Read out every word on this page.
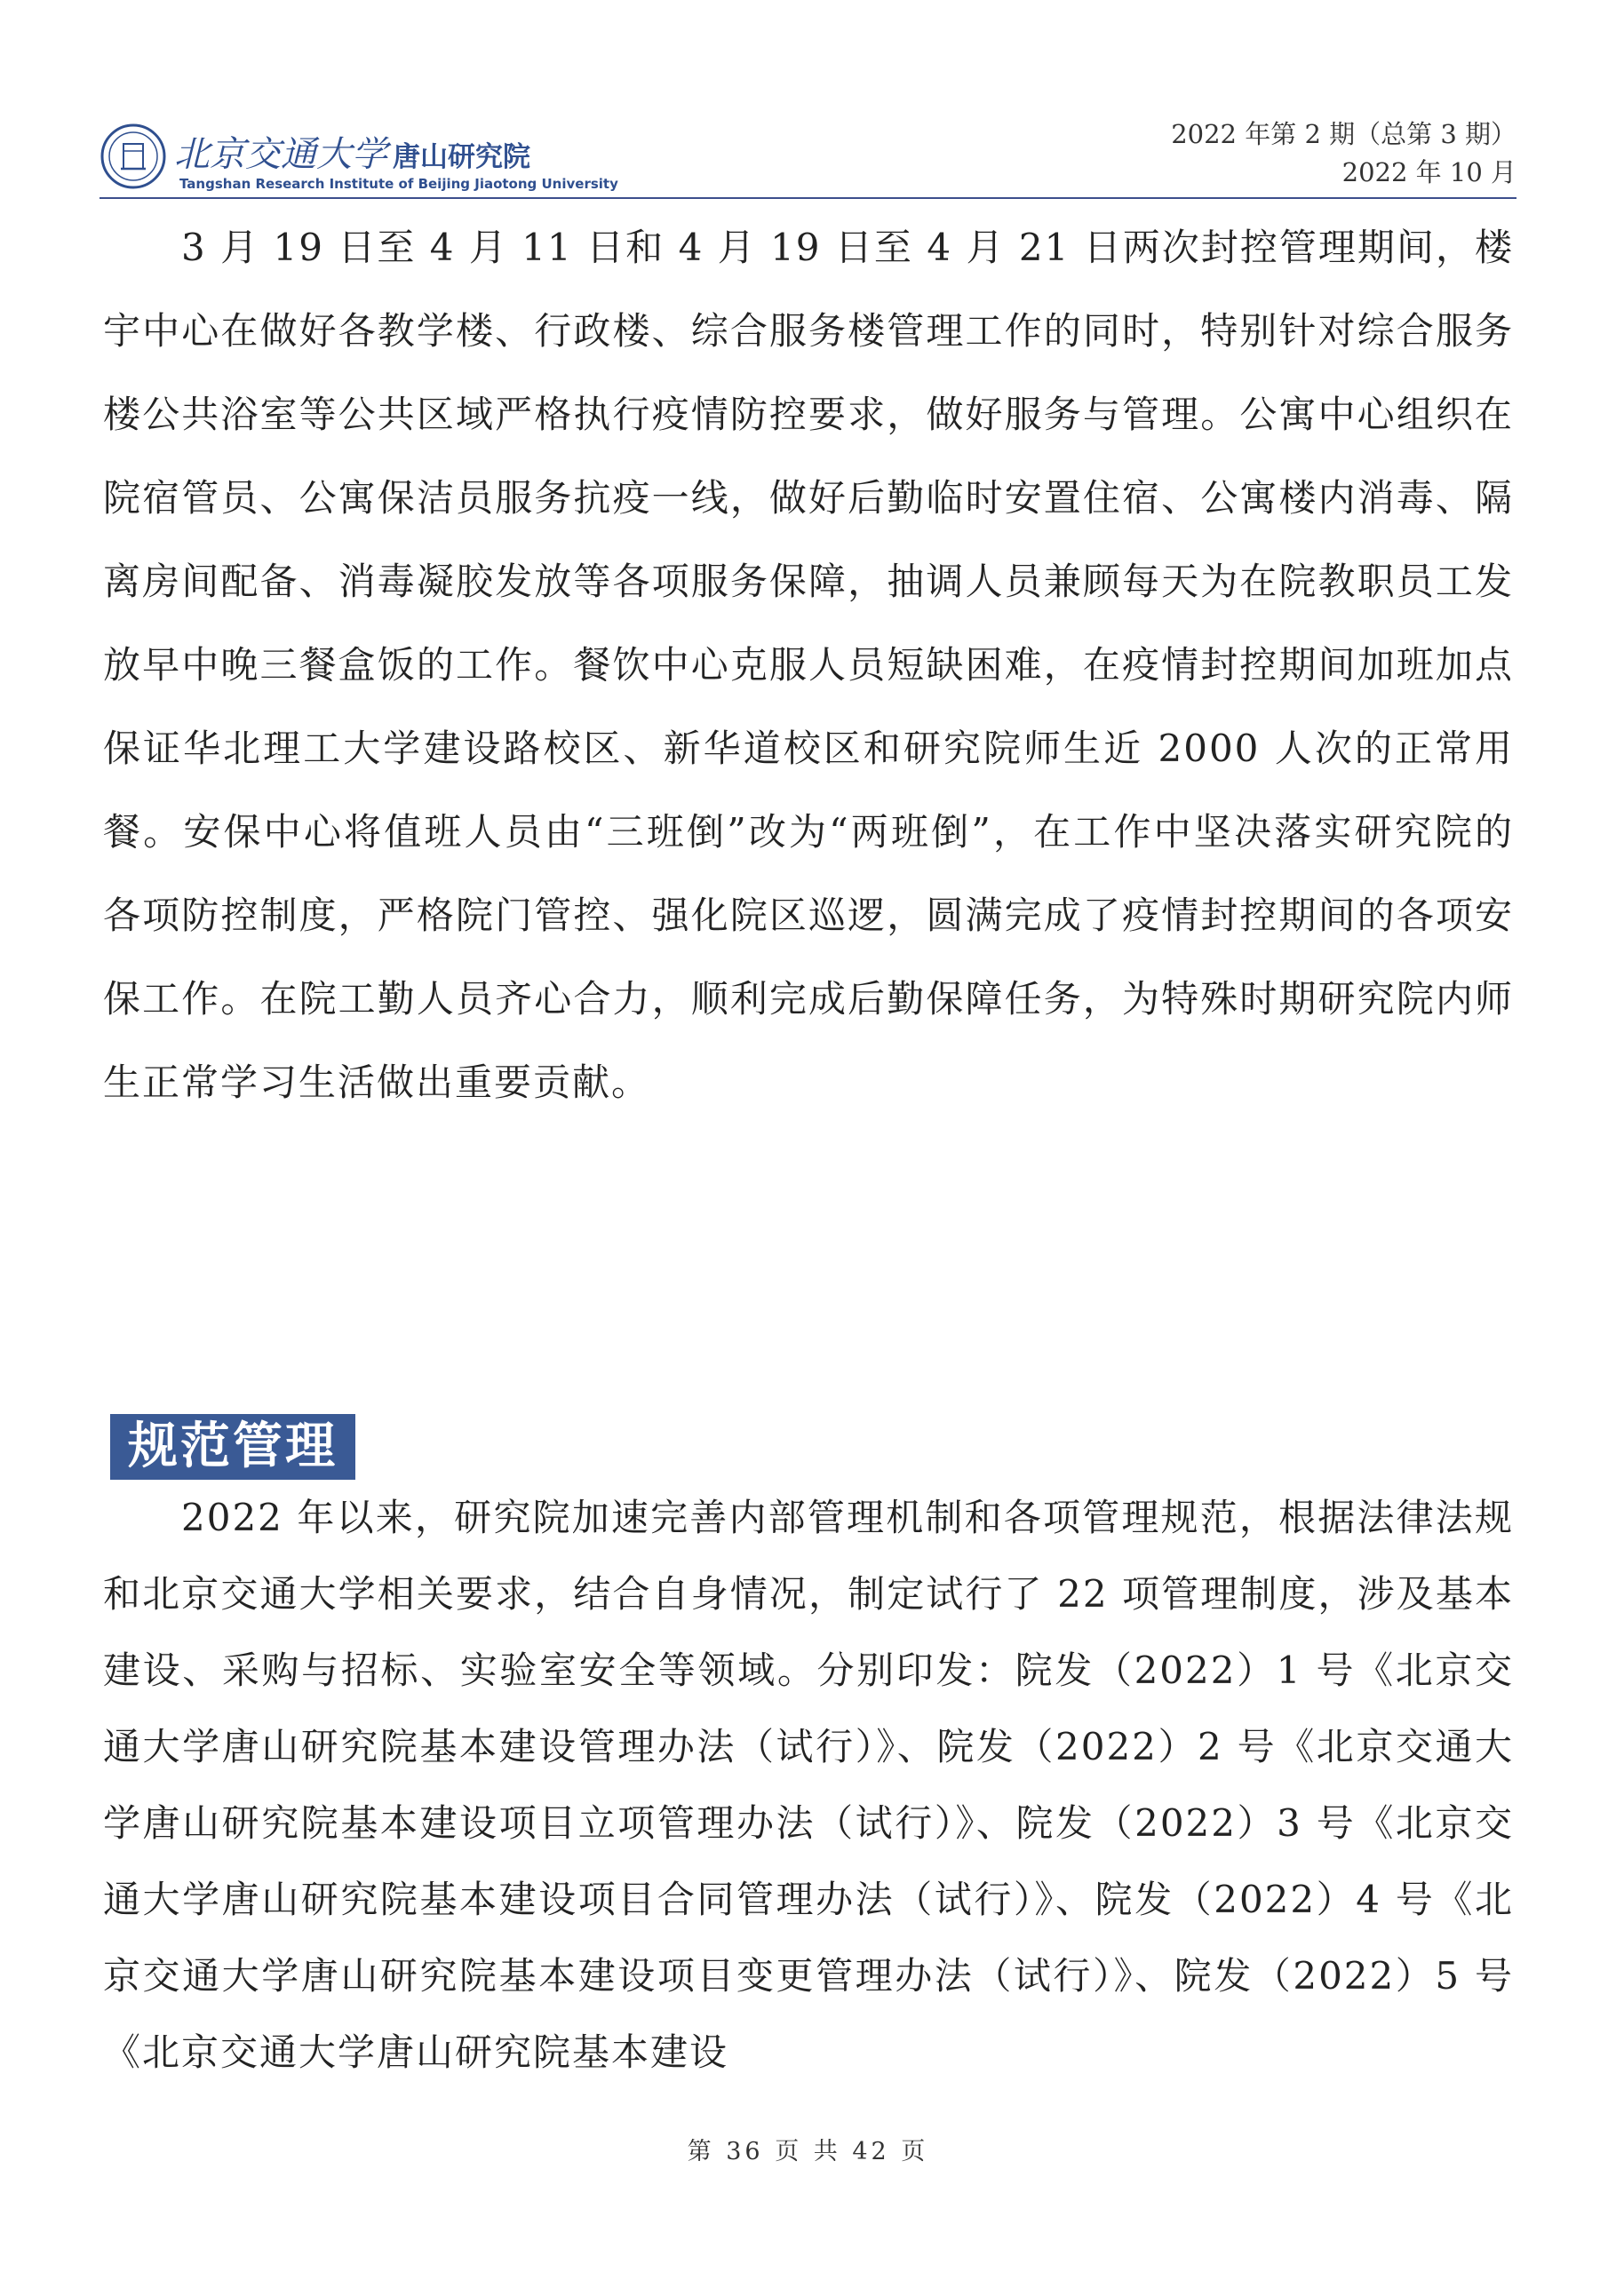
北京交通大学 唐山研究院
Tangshan Research Institute of Beijing Jiaotong University
2022 年第 2 期（总第 3 期）
2022 年 10 月
3 月 19 日至 4 月 11 日和 4 月 19 日至 4 月 21 日两次封控管理期间，楼宇中心在做好各教学楼、行政楼、综合服务楼管理工作的同时，特别针对综合服务楼公共浴室等公共区域严格执行疫情防控要求，做好服务与管理。公寓中心组织在院宿管员、公寓保洁员服务抗疫一线，做好后勤临时安置住宿、公寓楼内消毒、隔离房间配备、消毒凝胶发放等各项服务保障，抽调人员兼顾每天为在院教职员工发放早中晚三餐盒饭的工作。餐饮中心克服人员短缺困难，在疫情封控期间加班加点保证华北理工大学建设路校区、新华道校区和研究院师生近 2000 人次的正常用餐。安保中心将值班人员由“三班倒”改为“两班倒”，在工作中坚决落实研究院的各项防控制度，严格院门管控、强化院区巡逻，圆满完成了疫情封控期间的各项安保工作。在院工勤人员齐心合力，顺利完成后勤保障任务，为特殊时期研究院内师生正常学习生活做出重要贡献。
规范管理
2022 年以来，研究院加速完善内部管理机制和各项管理规范，根据法律法规和北京交通大学相关要求，结合自身情况，制定试行了 22 项管理制度，涉及基本建设、采购与招标、实验室安全等领域。分别印发：院发（2022）1 号《北京交通大学唐山研究院基本建设管理办法（试行）》、院发（2022）2 号《北京交通大学唐山研究院基本建设项目立项管理办法（试行）》、院发（2022）3 号《北京交通大学唐山研究院基本建设项目合同管理办法（试行）》、院发（2022）4 号《北京交通大学唐山研究院基本建设项目变更管理办法（试行）》、院发（2022）5 号《北京交通大学唐山研究院基本建设
第 36 页 共 42 页
